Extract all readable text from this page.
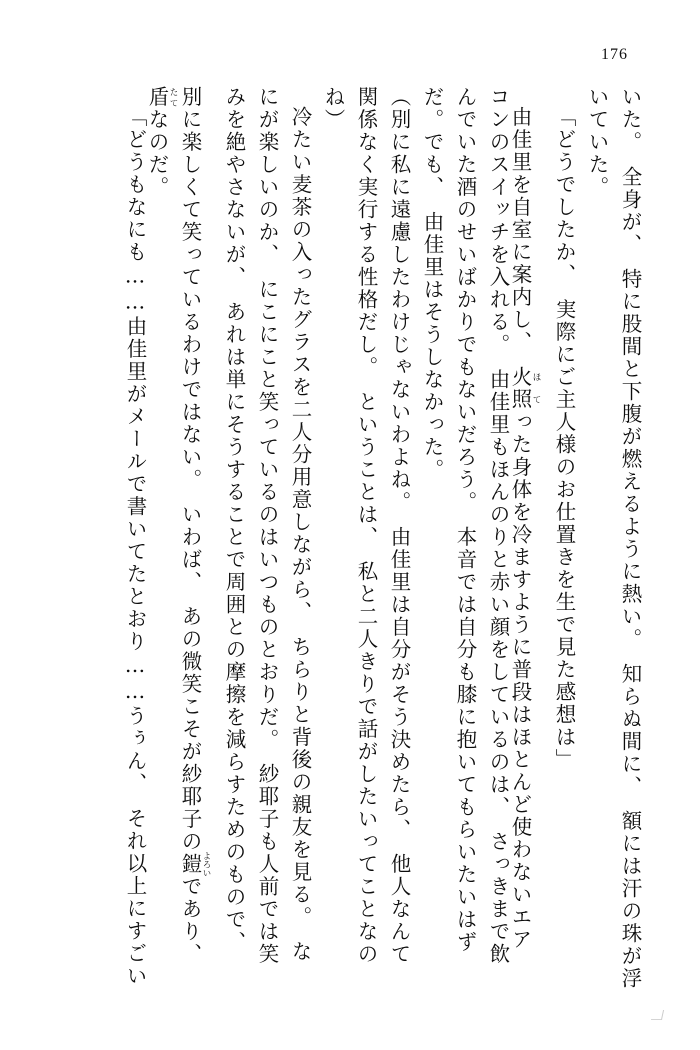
176
いた。　全身が、　特に股間と下腹が燃えるように熱い。　知らぬ間に、　額には汗の珠が浮
いていた。
「どうでしたか、　実際にご主人様のお仕置きを生で見た感想は」
由佳里を自室に案内し、　火 ほ照 てった身体を冷ますように普段はほとんど使わないエア
コンのスイッチを入れる。　由佳里もほんのりと赤い顔をしているのは、　さっきまで飲
んでいた酒のせいばかりでもないだろう。　本音では自分も膝に抱いてもらいたいはず
だ。でも、　由佳里はそうしなかった。
（別に私に遠慮したわけじゃないわよね。　由佳里は自分がそう決めたら、　他人なんて
関係なく実行する性格だし。　ということは、　私と二人きりで話がしたいってことなの
ね）
冷たい麦茶の入ったグラスを二人分用意しながら、　ちらりと背後の親友を見る。　な
にが楽しいのか、　にこにこと笑っているのはいつものとおりだ。　紗耶子も人前では笑
みを絶やさないが、　あれは単にそうすることで周囲との摩擦を減らすためのもので、
別に楽しくて笑っているわけではない。　いわば、　あの微笑こそが紗耶子の鎧 よろいであり、
盾 たてなのだ。
「どうもなにも……由佳里がメールで書いてたとおり……うぅん、　それ以上にすごい
